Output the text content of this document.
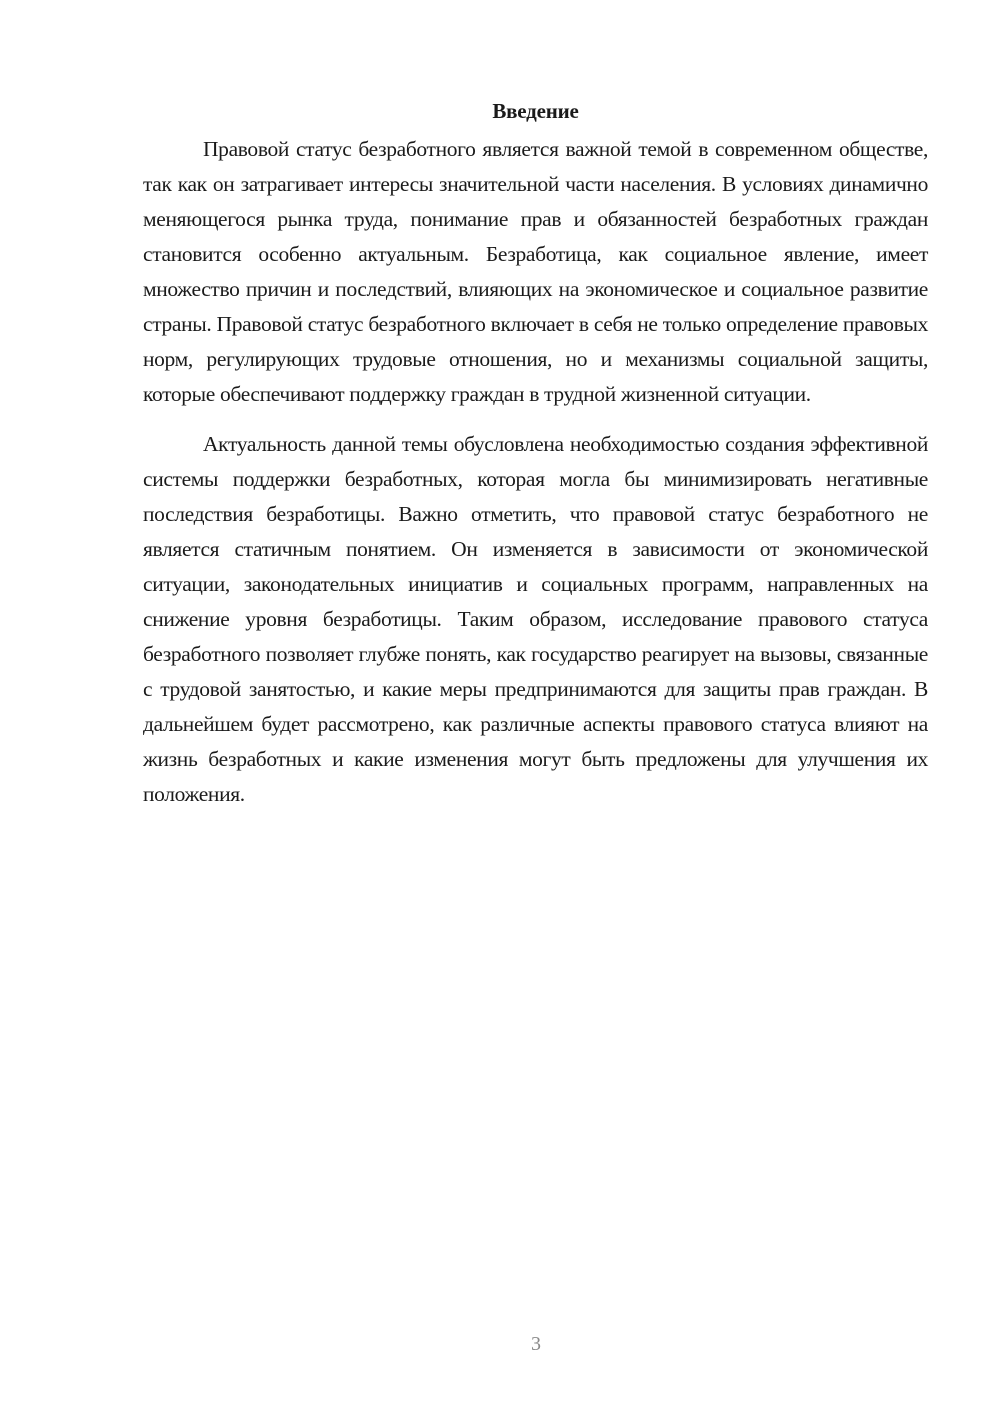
Введение

Правовой статус безработного является важной темой в современном обществе, так как он затрагивает интересы значительной части населения. В условиях динамично меняющегося рынка труда, понимание прав и обязанностей безработных граждан становится особенно актуальным. Безработица, как социальное явление, имеет множество причин и последствий, влияющих на экономическое и социальное развитие страны. Правовой статус безработного включает в себя не только определение правовых норм, регулирующих трудовые отношения, но и механизмы социальной защиты, которые обеспечивают поддержку граждан в трудной жизненной ситуации.

Актуальность данной темы обусловлена необходимостью создания эффективной системы поддержки безработных, которая могла бы минимизировать негативные последствия безработицы. Важно отметить, что правовой статус безработного не является статичным понятием. Он изменяется в зависимости от экономической ситуации, законодательных инициатив и социальных программ, направленных на снижение уровня безработицы. Таким образом, исследование правового статуса безработного позволяет глубже понять, как государство реагирует на вызовы, связанные с трудовой занятостью, и какие меры предпринимаются для защиты прав граждан. В дальнейшем будет рассмотрено, как различные аспекты правового статуса влияют на жизнь безработных и какие изменения могут быть предложены для улучшения их положения.

3
